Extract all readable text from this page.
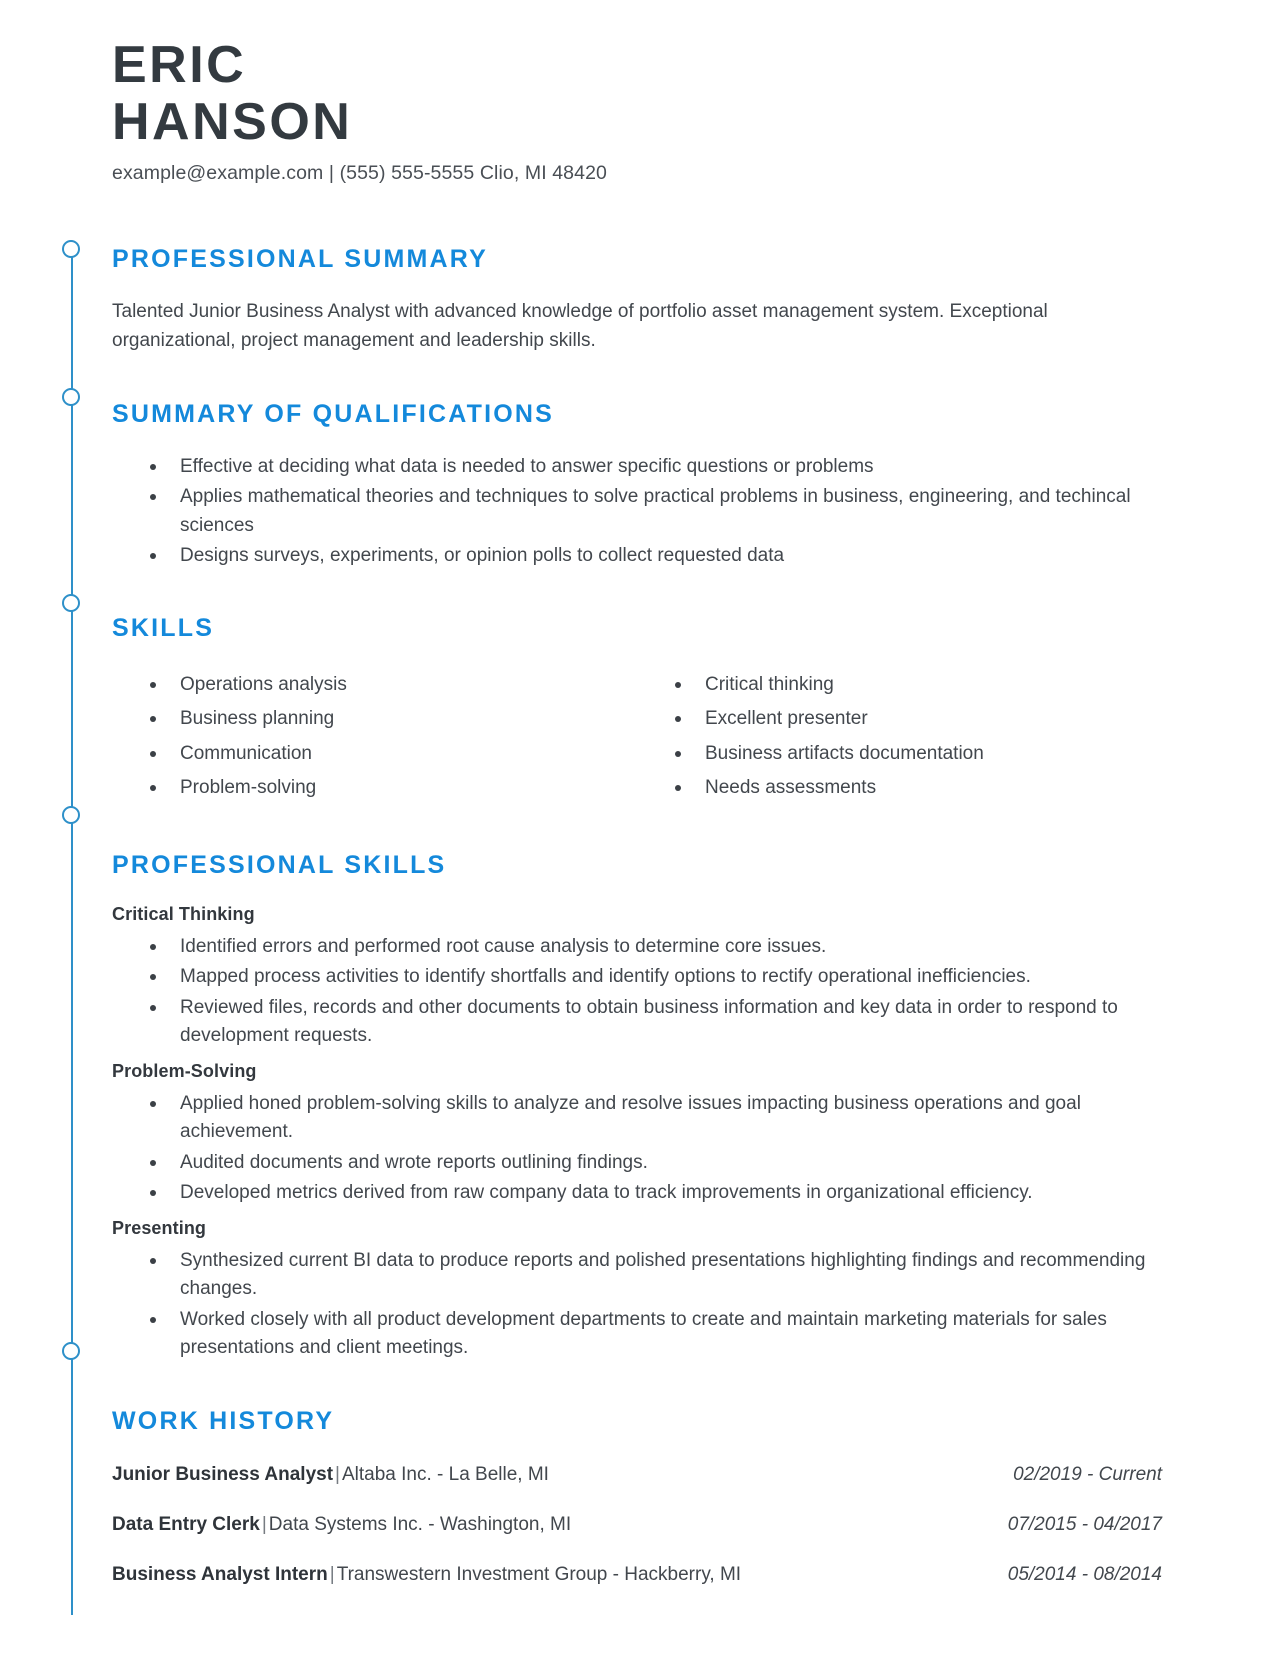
ERIC
HANSON
example@example.com | (555) 555-5555 Clio, MI 48420
PROFESSIONAL SUMMARY

Talented Junior Business Analyst with advanced knowledge of portfolio asset management system. Exceptional organizational, project management and leadership skills.

SUMMARY OF QUALIFICATIONS
Effective at deciding what data is needed to answer specific questions or problems
Applies mathematical theories and techniques to solve practical problems in business, engineering, and techincal sciences
Designs surveys, experiments, or opinion polls to collect requested data
SKILLS
Operations analysis
Business planning
Communication
Problem-solving
Critical thinking
Excellent presenter
Business artifacts documentation
Needs assessments
PROFESSIONAL SKILLS
Critical Thinking
Identified errors and performed root cause analysis to determine core issues.
Mapped process activities to identify shortfalls and identify options to rectify operational inefficiencies.
Reviewed files, records and other documents to obtain business information and key data in order to respond to development requests.
Problem-Solving
Applied honed problem-solving skills to analyze and resolve issues impacting business operations and goal achievement.
Audited documents and wrote reports outlining findings.
Developed metrics derived from raw company data to track improvements in organizational efficiency.
Presenting
Synthesized current BI data to produce reports and polished presentations highlighting findings and recommending changes.
Worked closely with all product development departments to create and maintain marketing materials for sales presentations and client meetings.
WORK HISTORY
Junior Business Analyst | Altaba Inc. - La Belle, MI	02/2019 - Current
Data Entry Clerk | Data Systems Inc. - Washington, MI	07/2015 - 04/2017
Business Analyst Intern | Transwestern Investment Group - Hackberry, MI	05/2014 - 08/2014
